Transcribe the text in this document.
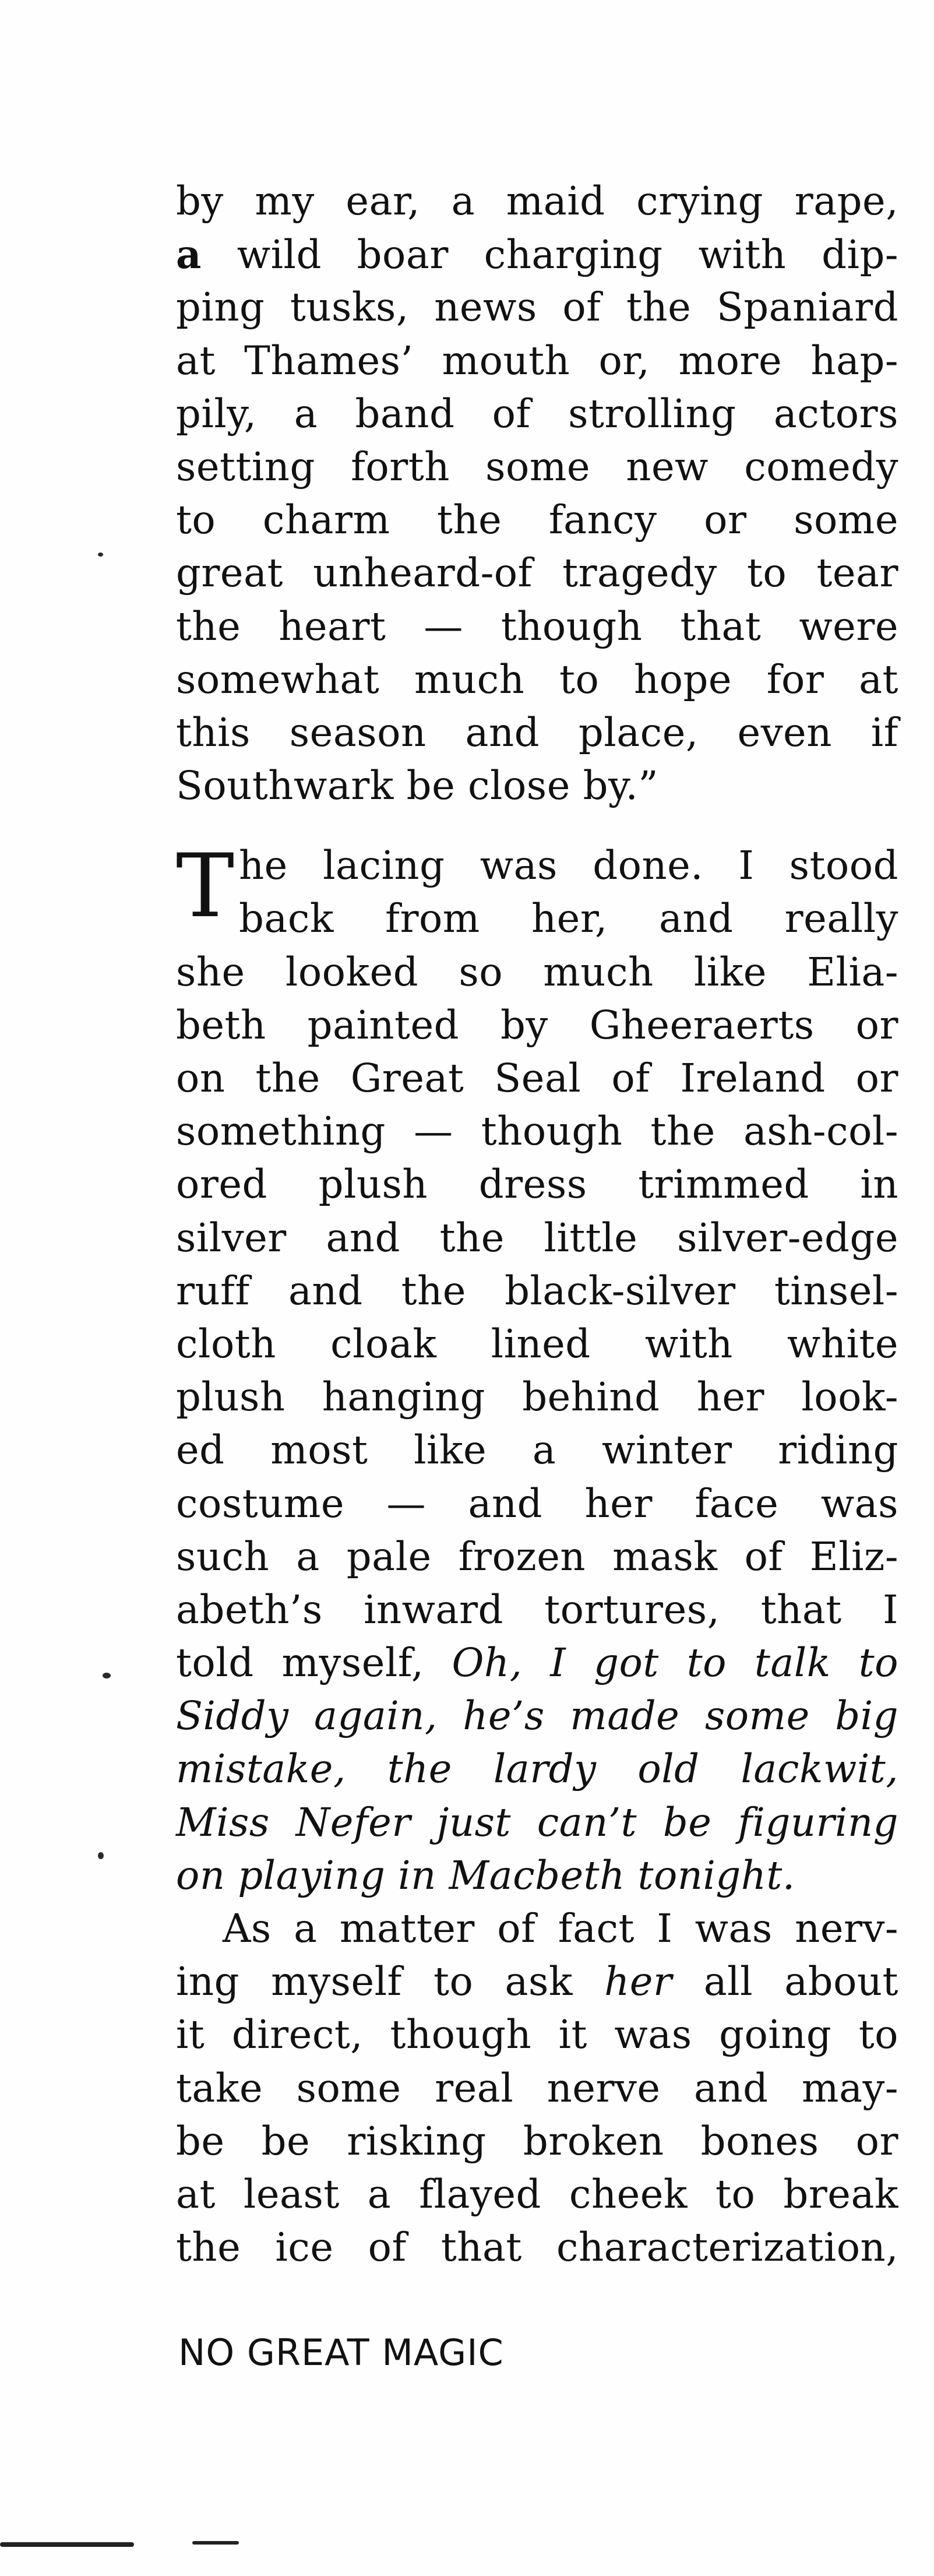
by my ear, a maid crying rape,
a wild boar charging with dip-
ping tusks, news of the Spaniard
at Thames’ mouth or, more hap-
pily, a band of strolling actors
setting forth some new comedy
to charm the fancy or some
great unheard-of tragedy to tear
the heart — though that were
somewhat much to hope for at
this season and place, even if
Southwark be close by.”
T he lacing was done. I stood
back from her, and really
she looked so much like Elia-
beth painted by Gheeraerts or
on the Great Seal of Ireland or
something — though the ash-col-
ored plush dress trimmed in
silver and the little silver-edge
ruff and the black-silver tinsel-
cloth cloak lined with white
plush hanging behind her look-
ed most like a winter riding
costume — and her face was
such a pale frozen mask of Eliz-
abeth’s inward tortures, that I
told myself, Oh, I got to talk to
Siddy again, he’s made some big
mistake, the lardy old lackwit,
Miss Nefer just can’t be figuring
on playing in Macbeth tonight.
As a matter of fact I was nerv-
ing myself to ask her all about
it direct, though it was going to
take some real nerve and may-
be be risking broken bones or
at least a flayed cheek to break
the ice of that characterization,
NO GREAT MAGIC
